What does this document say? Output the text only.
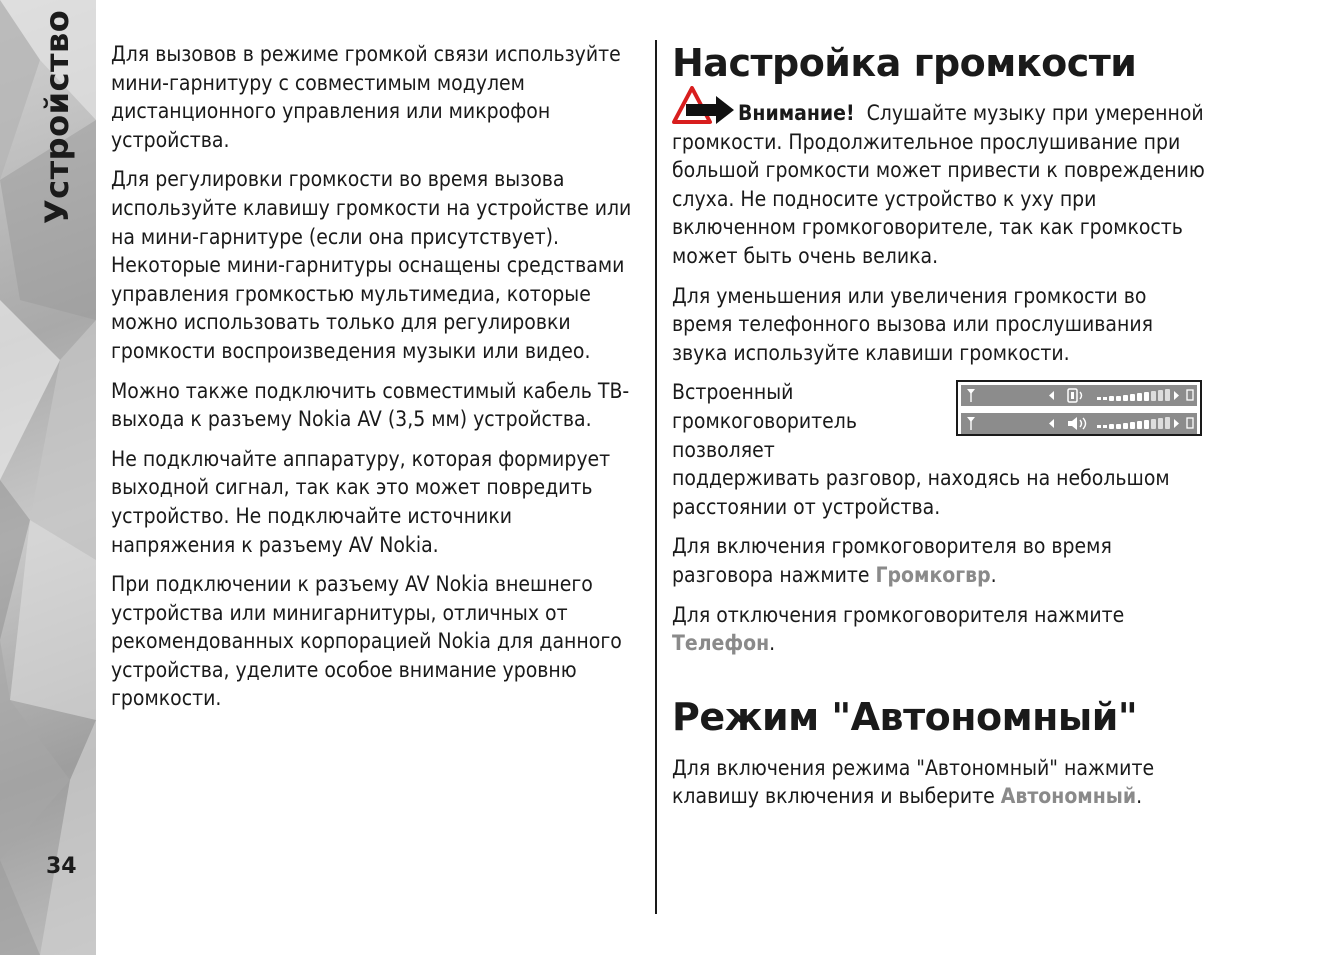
Устройство
34

Для вызовов в режиме громкой связи используйте мини-гарнитуру с совместимым модулем дистанционного управления или микрофон устройства.

Для регулировки громкости во время вызова используйте клавишу громкости на устройстве или на мини-гарнитуре (если она присутствует). Некоторые мини-гарнитуры оснащены средствами управления громкостью мультимедиа, которые можно использовать только для регулировки громкости воспроизведения музыки или видео.

Можно также подключить совместимый кабель ТВ-выхода к разъему Nokia AV (3,5 мм) устройства.

Не подключайте аппаратуру, которая формирует выходной сигнал, так как это может повредить устройство. Не подключайте источники напряжения к разъему AV Nokia.

При подключении к разъему AV Nokia внешнего устройства или минигарнитуры, отличных от рекомендованных корпорацией Nokia для данного устройства, уделите особое внимание уровню громкости.

Настройка громкости

Внимание! Слушайте музыку при умеренной громкости. Продолжительное прослушивание при большой громкости может привести к повреждению слуха. Не подносите устройство к уху при включенном громкоговорителе, так как громкость может быть очень велика.

Для уменьшения или увеличения громкости во время телефонного вызова или прослушивания звука используйте клавиши громкости.

Встроенный громкоговоритель позволяет

поддерживать разговор, находясь на небольшом расстоянии от устройства.

Для включения громкоговорителя во время разговора нажмите Громкогвр.

Для отключения громкоговорителя нажмите Телефон.

Режим "Автономный"

Для включения режима "Автономный" нажмите клавишу включения и выберите Автономный.
